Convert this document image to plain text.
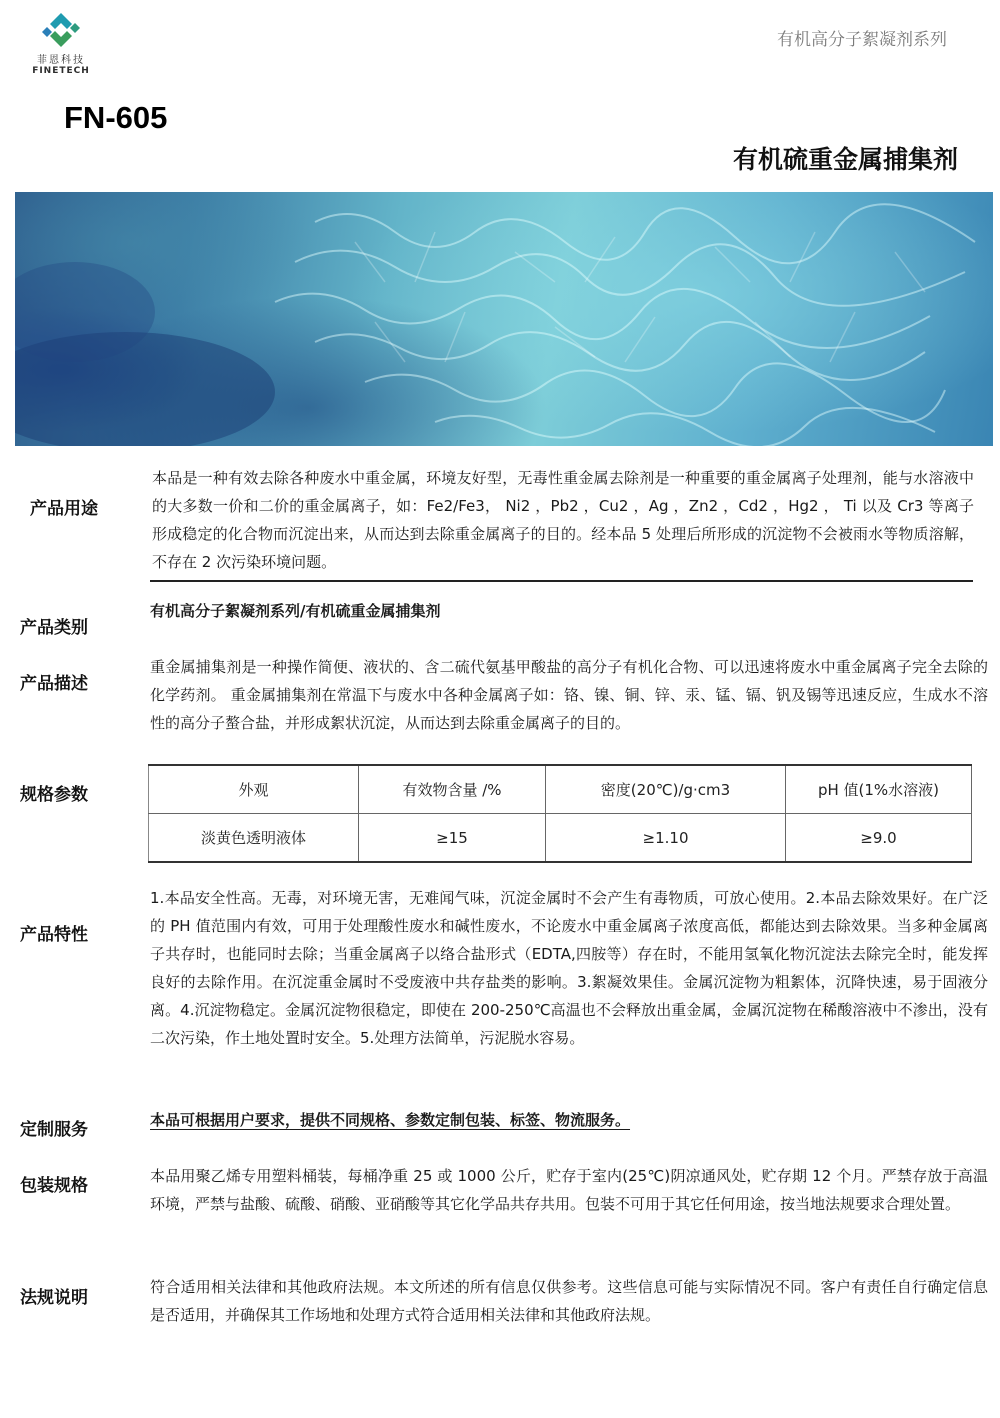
菲恩科技
FINETECH
有机高分子絮凝剂系列
FN-605
有机硫重金属捕集剂
产品用途
本品是一种有效去除各种废水中重金属，环境友好型，无毒性重金属去除剂是一种重要的重金属离子处理剂，能与水溶液中的大多数一价和二价的重金属离子，如：Fe2/Fe3， Ni2 ，Pb2 ，Cu2 ，Ag ，Zn2 ，Cd2 ，Hg2 ， Ti 以及 Cr3 等离子形成稳定的化合物而沉淀出来，从而达到去除重金属离子的目的。经本品 5 处理后所形成的沉淀物不会被雨水等物质溶解，不存在 2 次污染环境问题。
产品类别
有机高分子絮凝剂系列/有机硫重金属捕集剂
产品描述
重金属捕集剂是一种操作简便、液状的、含二硫代氨基甲酸盐的高分子有机化合物、可以迅速将废水中重金属离子完全去除的化学药剂。 重金属捕集剂在常温下与废水中各种金属离子如：铬、镍、铜、锌、汞、锰、镉、钒及锡等迅速反应，生成水不溶性的高分子螯合盐，并形成絮状沉淀，从而达到去除重金属离子的目的。
规格参数	外观	有效物含量 /%	密度(20℃)/g·cm3	pH 值(1%水溶液)
淡黄色透明液体	≥15	≥1.10	≥9.0
产品特性
1.本品安全性高。无毒，对环境无害，无难闻气味，沉淀金属时不会产生有毒物质，可放心使用。2.本品去除效果好。在广泛的 PH 值范围内有效，可用于处理酸性废水和碱性废水，不论废水中重金属离子浓度高低，都能达到去除效果。当多种金属离子共存时，也能同时去除；当重金属离子以络合盐形式（EDTA,四胺等）存在时，不能用氢氧化物沉淀法去除完全时，能发挥良好的去除作用。在沉淀重金属时不受废液中共存盐类的影响。3.絮凝效果佳。金属沉淀物为粗絮体，沉降快速，易于固液分离。4.沉淀物稳定。金属沉淀物很稳定，即使在 200-250℃高温也不会释放出重金属，金属沉淀物在稀酸溶液中不渗出，没有二次污染，作土地处置时安全。5.处理方法简单，污泥脱水容易。
定制服务	本品可根据用户要求，提供不同规格、参数定制包装、标签、物流服务。
包装规格	本品用聚乙烯专用塑料桶装，每桶净重 25 或 1000 公斤，贮存于室内(25℃)阴凉通风处，贮存期 12 个月。严禁存放于高温环境，严禁与盐酸、硫酸、硝酸、亚硝酸等其它化学品共存共用。包装不可用于其它任何用途，按当地法规要求合理处置。
法规说明
符合适用相关法律和其他政府法规。本文所述的所有信息仅供参考。这些信息可能与实际情况不同。客户有责任自行确定信息是否适用，并确保其工作场地和处理方式符合适用相关法律和其他政府法规。
